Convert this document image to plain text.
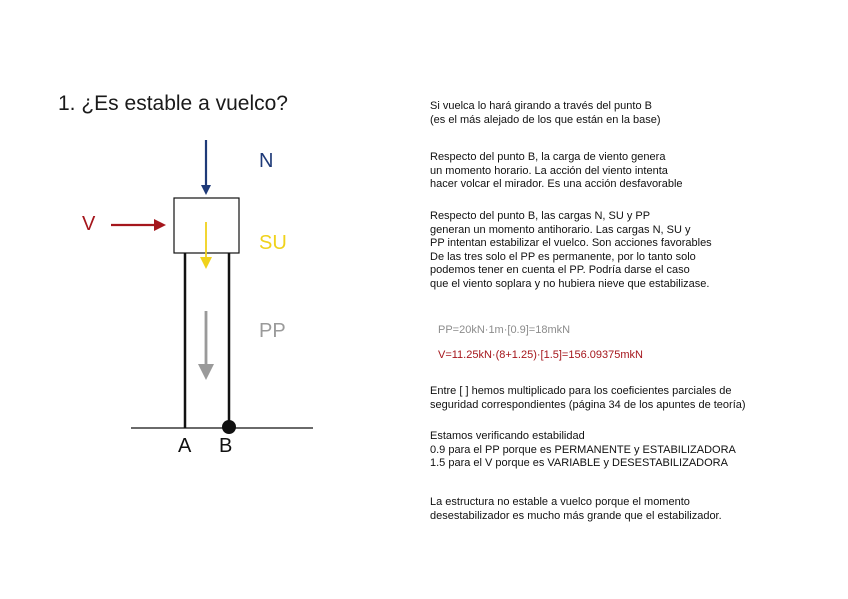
1. ¿Es estable a vuelco?
N
V
SU
PP
A B
Si vuelca lo hará girando a través del punto B
(es el más alejado de los que están en la base)
Respecto del punto B, la carga de viento genera
un momento horario. La acción del viento intenta
hacer volcar el mirador. Es una acción desfavorable
Respecto del punto B, las cargas N, SU y PP
generan un momento antihorario. Las cargas N, SU y
PP intentan estabilizar el vuelco. Son acciones favorables
De las tres solo el PP es permanente, por lo tanto solo
podemos tener en cuenta el PP. Podría darse el caso
que el viento soplara y no hubiera nieve que estabilizase.
PP=20kN·1m·[0.9]=18mkN
V=11.25kN·(8+1.25)·[1.5]=156.09375mkN
Entre [ ] hemos multiplicado para los coeficientes parciales de
seguridad correspondientes (página 34 de los apuntes de teoría)
Estamos verificando estabilidad
0.9 para el PP porque es PERMANENTE y ESTABILIZADORA
1.5 para el V porque es VARIABLE y DESESTABILIZADORA
La estructura no estable a vuelco porque el momento
desestabilizador es mucho más grande que el estabilizador.
